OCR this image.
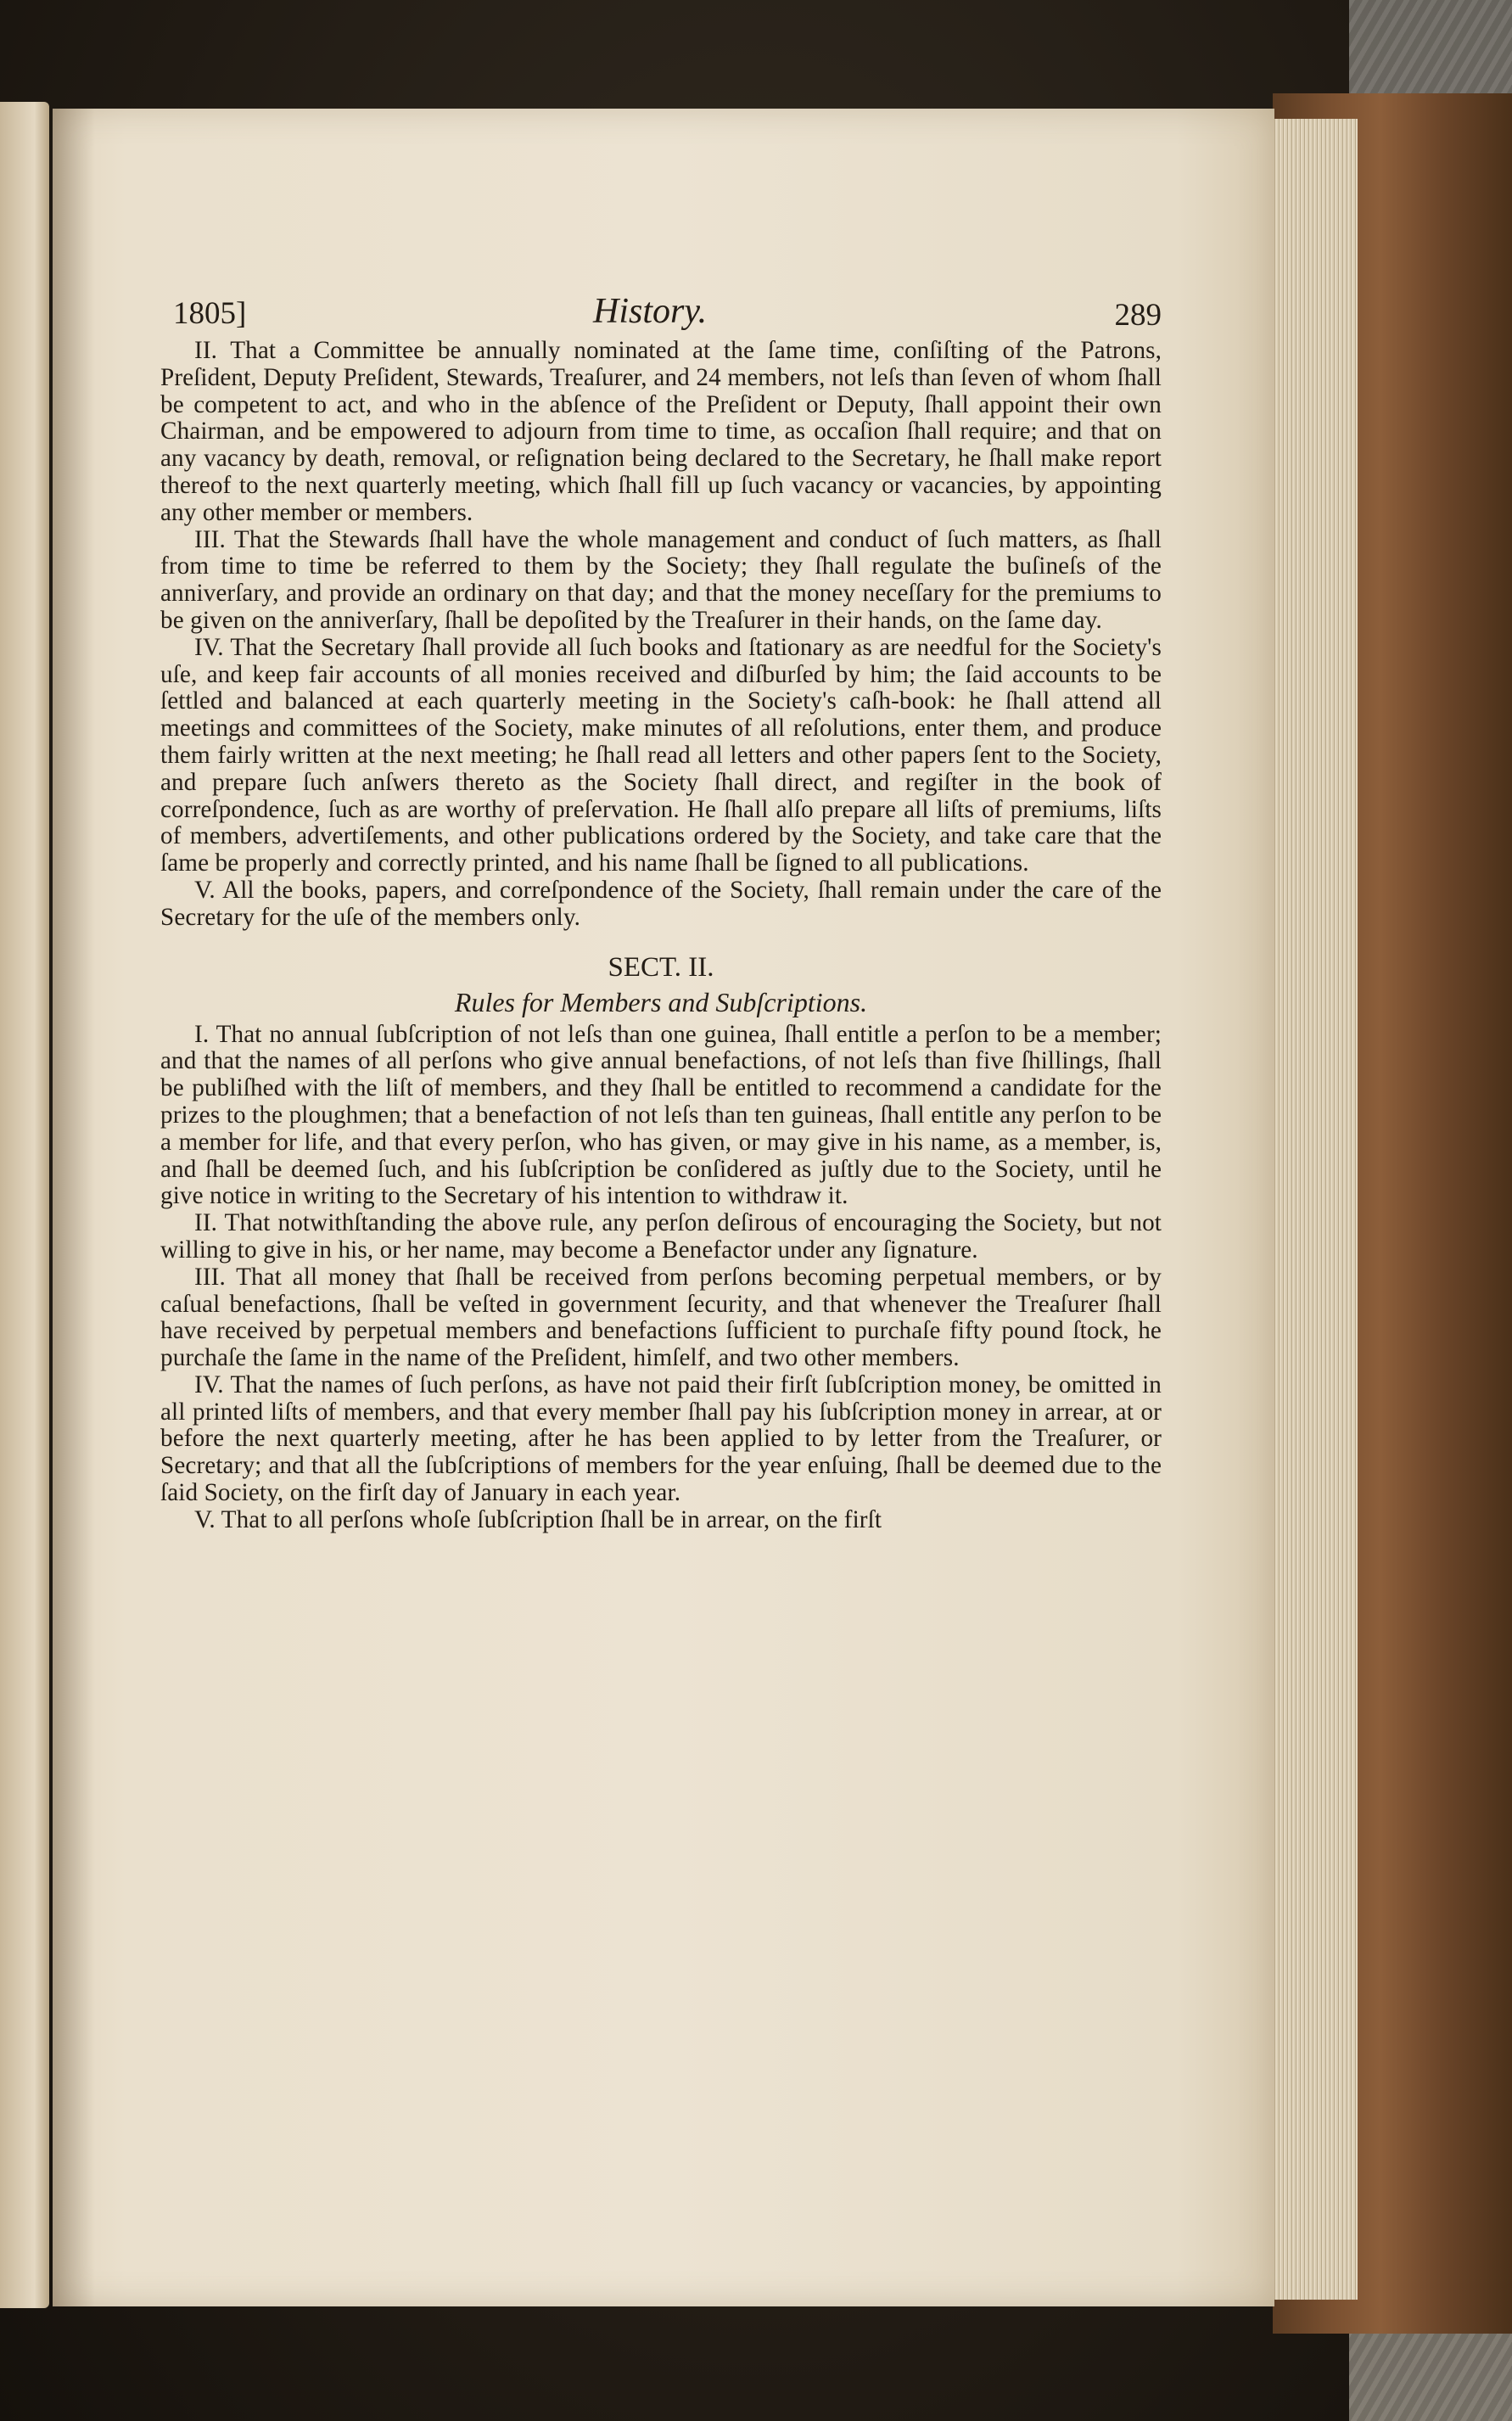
1805]	History.	289

II. That a Committee be annually nominated at the ſame time, conſiſting of the Patrons, Preſident, Deputy Preſident, Stewards, Treaſurer, and 24 members, not leſs than ſeven of whom ſhall be competent to act, and who in the abſence of the Preſident or Deputy, ſhall appoint their own Chairman, and be empowered to adjourn from time to time, as occaſion ſhall require; and that on any vacancy by death, removal, or reſignation being declared to the Secretary, he ſhall make report thereof to the next quarterly meeting, which ſhall fill up ſuch vacancy or vacancies, by appointing any other member or members.

III. That the Stewards ſhall have the whole management and conduct of ſuch matters, as ſhall from time to time be referred to them by the Society; they ſhall regulate the buſineſs of the anniverſary, and provide an ordinary on that day; and that the money neceſſary for the premiums to be given on the anniverſary, ſhall be depoſited by the Treaſurer in their hands, on the ſame day.

IV. That the Secretary ſhall provide all ſuch books and ſtationary as are needful for the Society's uſe, and keep fair accounts of all monies received and diſburſed by him; the ſaid accounts to be ſettled and balanced at each quarterly meeting in the Society's caſh-book: he ſhall attend all meetings and committees of the Society, make minutes of all reſolutions, enter them, and produce them fairly written at the next meeting; he ſhall read all letters and other papers ſent to the Society, and prepare ſuch anſwers thereto as the Society ſhall direct, and regiſter in the book of correſpondence, ſuch as are worthy of preſervation. He ſhall alſo prepare all liſts of premiums, liſts of members, advertiſements, and other publications ordered by the Society, and take care that the ſame be properly and correctly printed, and his name ſhall be ſigned to all publications.

V. All the books, papers, and correſpondence of the Society, ſhall remain under the care of the Secretary for the uſe of the members only.

SECT. II.
Rules for Members and Subſcriptions.

I. That no annual ſubſcription of not leſs than one guinea, ſhall entitle a perſon to be a member; and that the names of all perſons who give annual benefactions, of not leſs than five ſhillings, ſhall be publiſhed with the liſt of members, and they ſhall be entitled to recommend a candidate for the prizes to the ploughmen; that a benefaction of not leſs than ten guineas, ſhall entitle any perſon to be a member for life, and that every perſon, who has given, or may give in his name, as a member, is, and ſhall be deemed ſuch, and his ſubſcription be conſidered as juſtly due to the Society, until he give notice in writing to the Secretary of his intention to withdraw it.

II. That notwithſtanding the above rule, any perſon deſirous of encouraging the Society, but not willing to give in his, or her name, may become a Benefactor under any ſignature.

III. That all money that ſhall be received from perſons becoming perpetual members, or by caſual benefactions, ſhall be veſted in government ſecurity, and that whenever the Treaſurer ſhall have received by perpetual members and benefactions ſufficient to purchaſe fifty pound ſtock, he purchaſe the ſame in the name of the Preſident, himſelf, and two other members.

IV. That the names of ſuch perſons, as have not paid their firſt ſubſcription money, be omitted in all printed liſts of members, and that every member ſhall pay his ſubſcription money in arrear, at or before the next quarterly meeting, after he has been applied to by letter from the Treaſurer, or Secretary; and that all the ſubſcriptions of members for the year enſuing, ſhall be deemed due to the ſaid Society, on the firſt day of January in each year.

V. That to all perſons whoſe ſubſcription ſhall be in arrear, on the firſt
